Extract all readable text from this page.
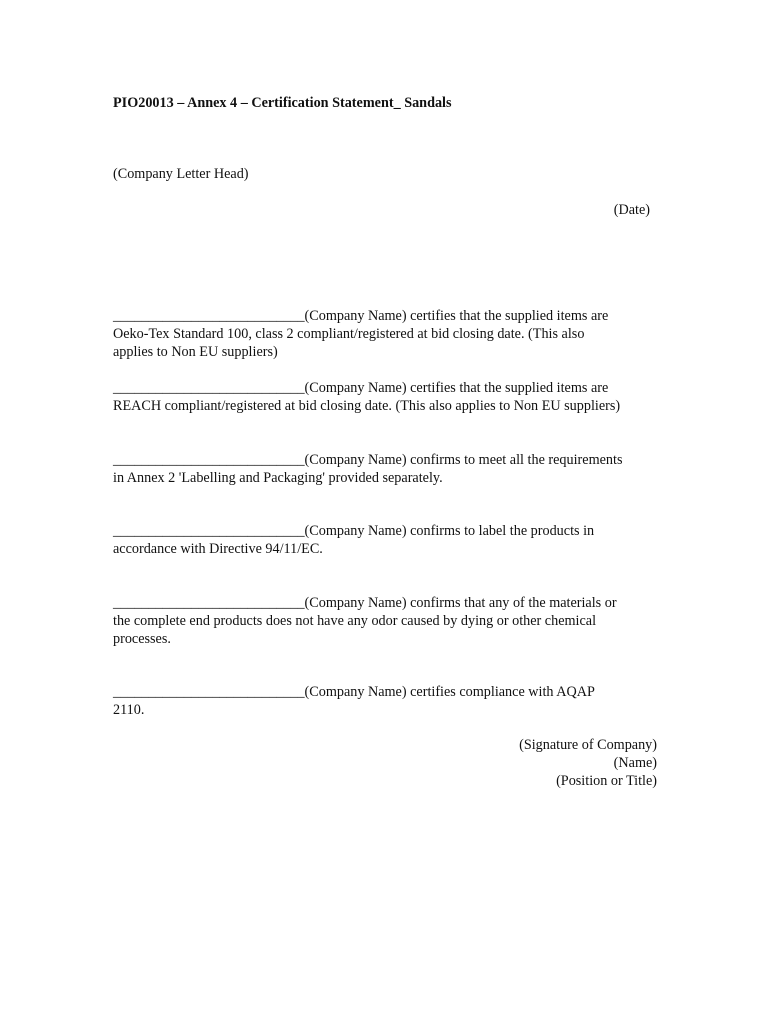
PIO20013 – Annex 4 – Certification Statement_ Sandals
(Company Letter Head)
(Date)
___________________________(Company Name) certifies that the supplied items are
Oeko-Tex Standard 100, class 2 compliant/registered at bid closing date. (This also
applies to Non EU suppliers)
___________________________(Company Name) certifies that the supplied items are
REACH compliant/registered at bid closing date. (This also applies to Non EU suppliers)
___________________________(Company Name) confirms to meet all the requirements
in Annex 2 'Labelling and Packaging' provided separately.
___________________________(Company Name) confirms to label the products in
accordance with Directive 94/11/EC.
___________________________(Company Name) confirms that any of the materials or
the complete end products does not have any odor caused by dying or other chemical
processes.
___________________________(Company Name) certifies compliance with AQAP
2110.
(Signature of Company)
(Name)
(Position or Title)
